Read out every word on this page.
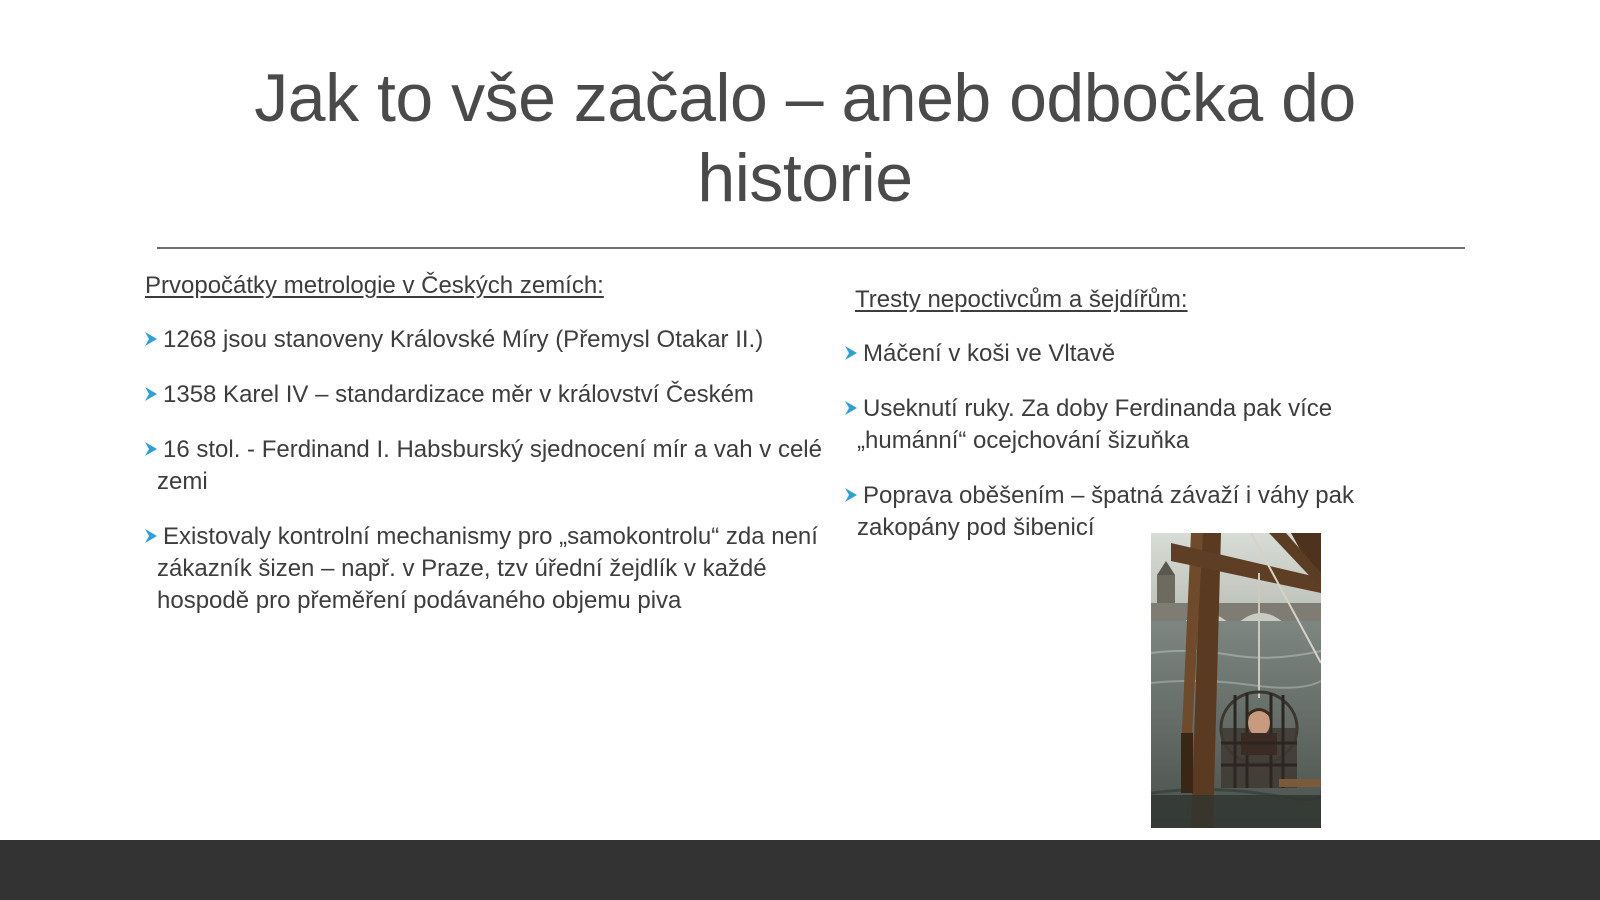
Jak to vše začalo – aneb odbočka do historie
Prvopočátky metrologie v Českých zemích:
1268 jsou stanoveny Královské Míry (Přemysl Otakar II.)
1358 Karel IV – standardizace měr v království Českém
16 stol. - Ferdinand I. Habsburský sjednocení mír a vah v celé zemi
Existovaly kontrolní mechanismy pro „samokontrolu“ zda není zákazník šizen – např. v Praze, tzv úřední žejdlík v každé hospodě pro přeměření podávaného objemu piva
Tresty nepoctivcům a šejdířům:
Máčení v koši ve Vltavě
Useknutí ruky. Za doby Ferdinanda pak více „humánní“ ocejchování šizuňka
Poprava oběšením – špatná závaží i váhy pak zakopány pod šibenicí
